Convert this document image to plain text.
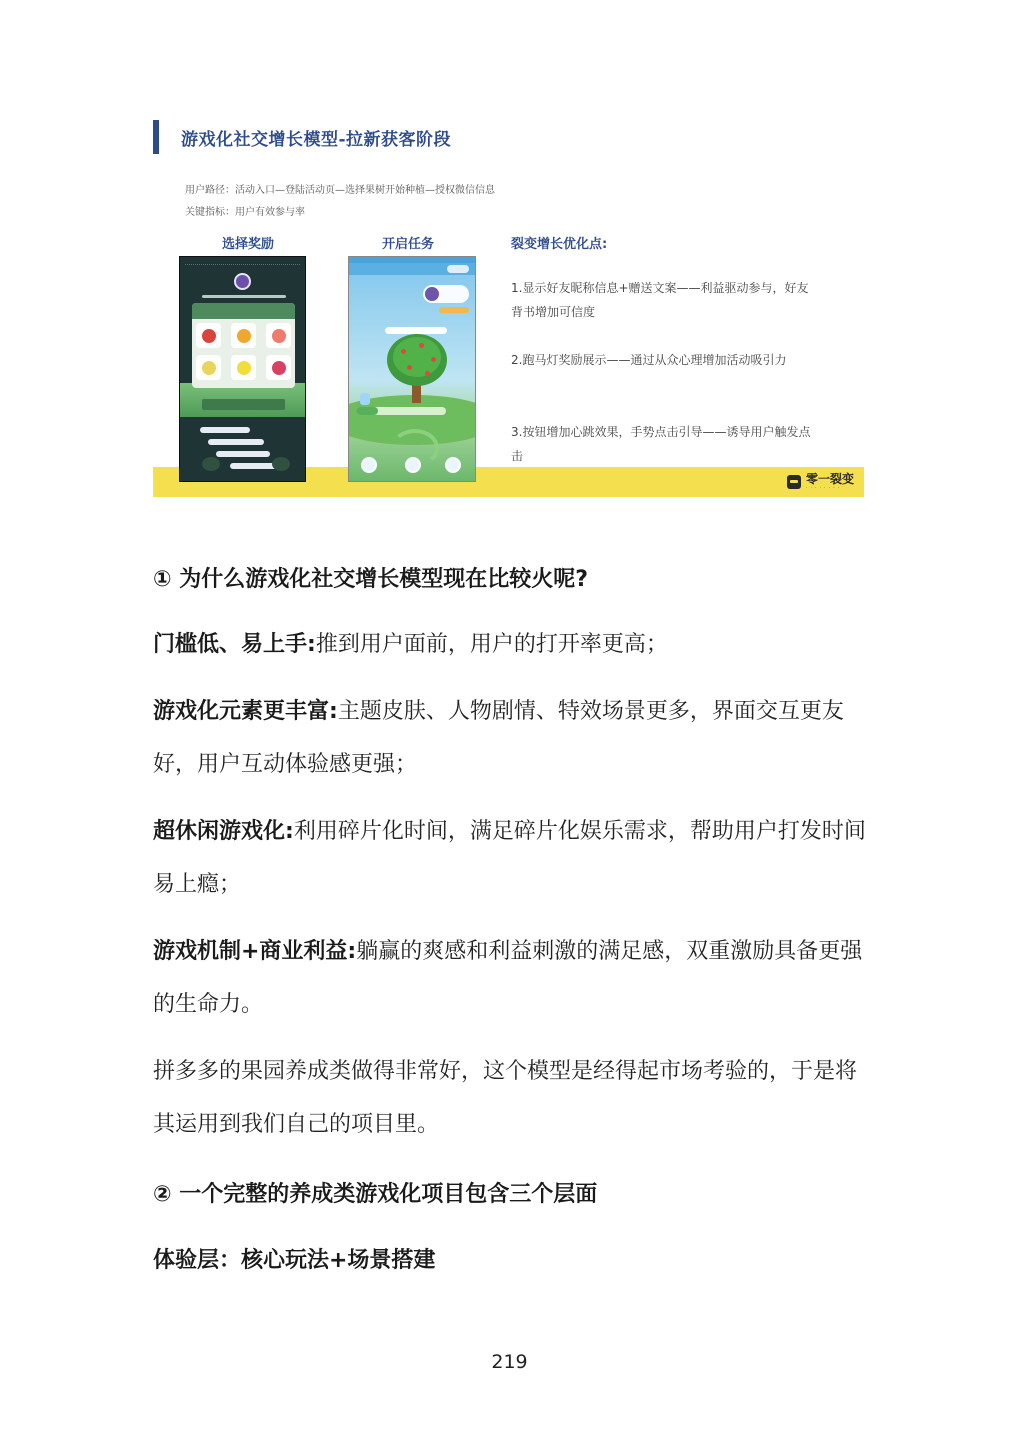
游戏化社交增长模型-拉新获客阶段
用户路径：活动入口—登陆活动页—选择果树开始种植—授权微信信息
关键指标：用户有效参与率
选择奖励	开启任务	裂变增长优化点:
零一裂变
· · · · · · · ·
1.显示好友昵称信息+赠送文案——利益驱动参与，好友背书增加可信度
2.跑马灯奖励展示——通过从众心理增加活动吸引力
3.按钮增加心跳效果，手势点击引导——诱导用户触发点击
① 为什么游戏化社交增长模型现在比较火呢?
门槛低、易上手:推到用户面前，用户的打开率更高；
游戏化元素更丰富:主题皮肤、人物剧情、特效场景更多，界面交互更友好，用户互动体验感更强；
超休闲游戏化:利用碎片化时间，满足碎片化娱乐需求，帮助用户打发时间易上瘾；
游戏机制+商业利益:躺赢的爽感和利益刺激的满足感，双重激励具备更强的生命力。
拼多多的果园养成类做得非常好，这个模型是经得起市场考验的，于是将其运用到我们自己的项目里。
② 一个完整的养成类游戏化项目包含三个层面
体验层：核心玩法+场景搭建
219
